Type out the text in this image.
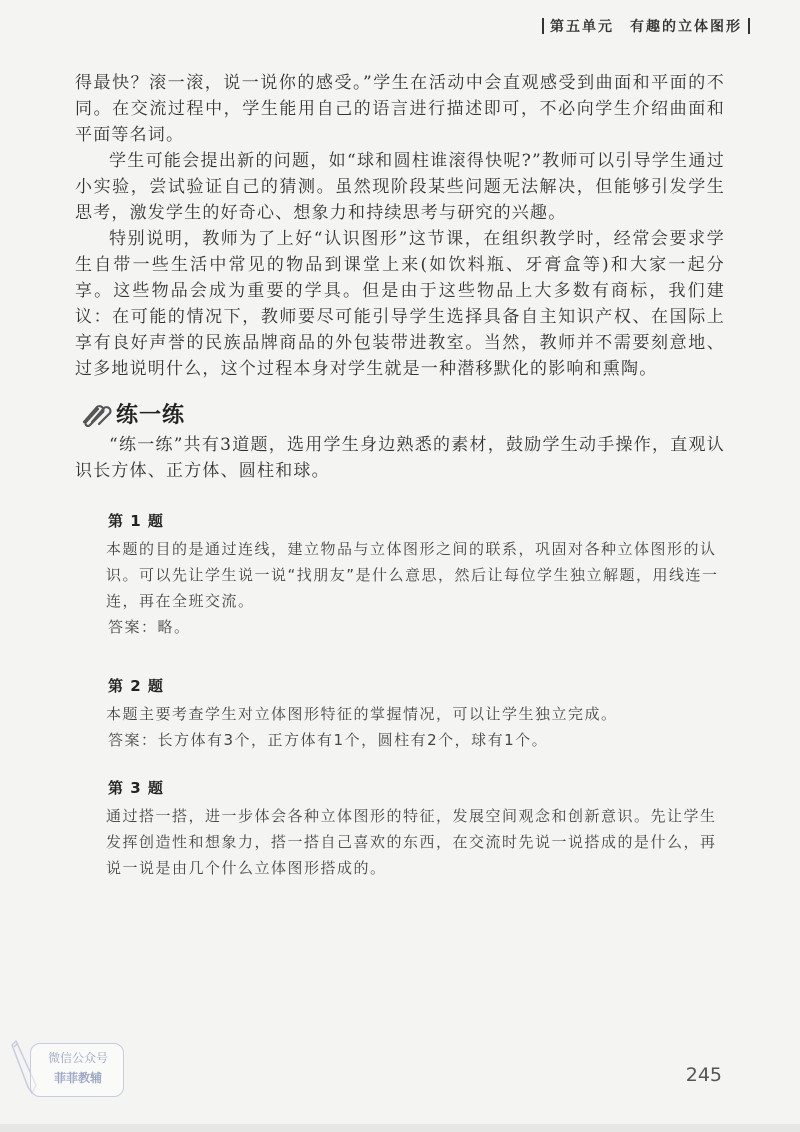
第五单元 有趣的立体图形

得最快？滚一滚，说一说你的感受。”学生在活动中会直观感受到曲面和平面的不同。在交流过程中，学生能用自己的语言进行描述即可，不必向学生介绍曲面和平面等名词。

学生可能会提出新的问题，如“球和圆柱谁滚得快呢?”教师可以引导学生通过小实验，尝试验证自己的猜测。虽然现阶段某些问题无法解决，但能够引发学生思考，激发学生的好奇心、想象力和持续思考与研究的兴趣。

特别说明，教师为了上好“认识图形”这节课，在组织教学时，经常会要求学生自带一些生活中常见的物品到课堂上来(如饮料瓶、牙膏盒等)和大家一起分享。这些物品会成为重要的学具。但是由于这些物品上大多数有商标，我们建议：在可能的情况下，教师要尽可能引导学生选择具备自主知识产权、在国际上享有良好声誉的民族品牌商品的外包装带进教室。当然，教师并不需要刻意地、过多地说明什么，这个过程本身对学生就是一种潜移默化的影响和熏陶。

练一练

“练一练”共有3道题，选用学生身边熟悉的素材，鼓励学生动手操作，直观认识长方体、正方体、圆柱和球。

第 1 题

本题的目的是通过连线，建立物品与立体图形之间的联系，巩固对各种立体图形的认识。可以先让学生说一说“找朋友”是什么意思，然后让每位学生独立解题，用线连一连，再在全班交流。

答案：略。

第 2 题

本题主要考查学生对立体图形特征的掌握情况，可以让学生独立完成。

答案：长方体有3个，正方体有1个，圆柱有2个，球有1个。

第 3 题

通过搭一搭，进一步体会各种立体图形的特征，发展空间观念和创新意识。先让学生发挥创造性和想象力，搭一搭自己喜欢的东西，在交流时先说一说搭成的是什么，再说一说是由几个什么立体图形搭成的。

微信公众号
菲菲教辅	245
